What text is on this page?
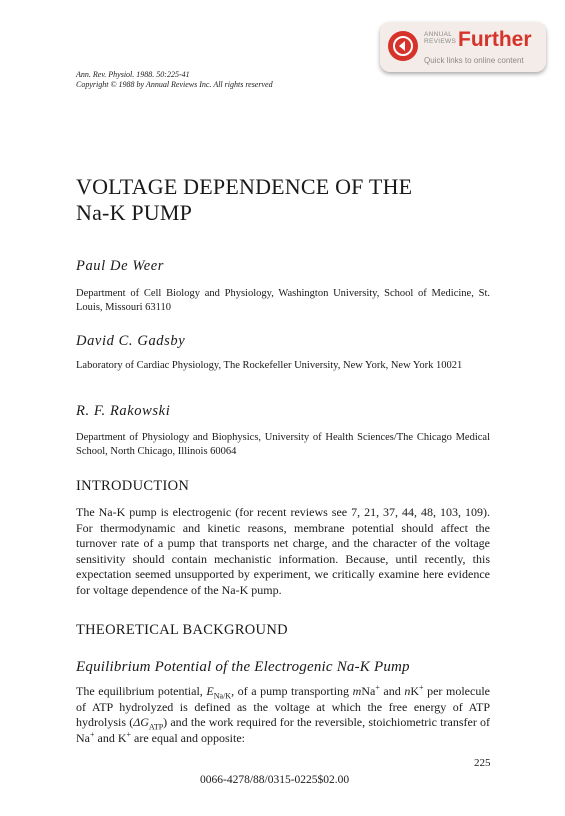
ANNUAL
REVIEWS Further
Quick links to online content
Ann. Rev. Physiol. 1988. 50:225-41
Copyright © 1988 by Annual Reviews Inc. All rights reserved
VOLTAGE DEPENDENCE OF THE
Na-K PUMP
Paul De Weer
Department of Cell Biology and Physiology, Washington University, School of Medicine, St. Louis, Missouri 63110
David C. Gadsby
Laboratory of Cardiac Physiology, The Rockefeller University, New York, New York 10021
R. F. Rakowski
Department of Physiology and Biophysics, University of Health Sciences/The Chicago Medical School, North Chicago, Illinois 60064
INTRODUCTION
The Na-K pump is electrogenic (for recent reviews see 7, 21, 37, 44, 48, 103, 109). For thermodynamic and kinetic reasons, membrane potential should affect the turnover rate of a pump that transports net charge, and the character of the voltage sensitivity should contain mechanistic information. Because, until recently, this expectation seemed unsupported by experiment, we critically examine here evidence for voltage dependence of the Na-K pump.
THEORETICAL BACKGROUND
Equilibrium Potential of the Electrogenic Na-K Pump
The equilibrium potential, $E_{Na/K}$, of a pump transporting mNa+ and nK+ per molecule of ATP hydrolyzed is defined as the voltage at which the free energy of ATP hydrolysis $(\Delta G_{ATP})$ and the work required for the reversible, stoichiometric transfer of Na+ and K+ are equal and opposite:
225
0066-4278/88/0315-0225$02.00
